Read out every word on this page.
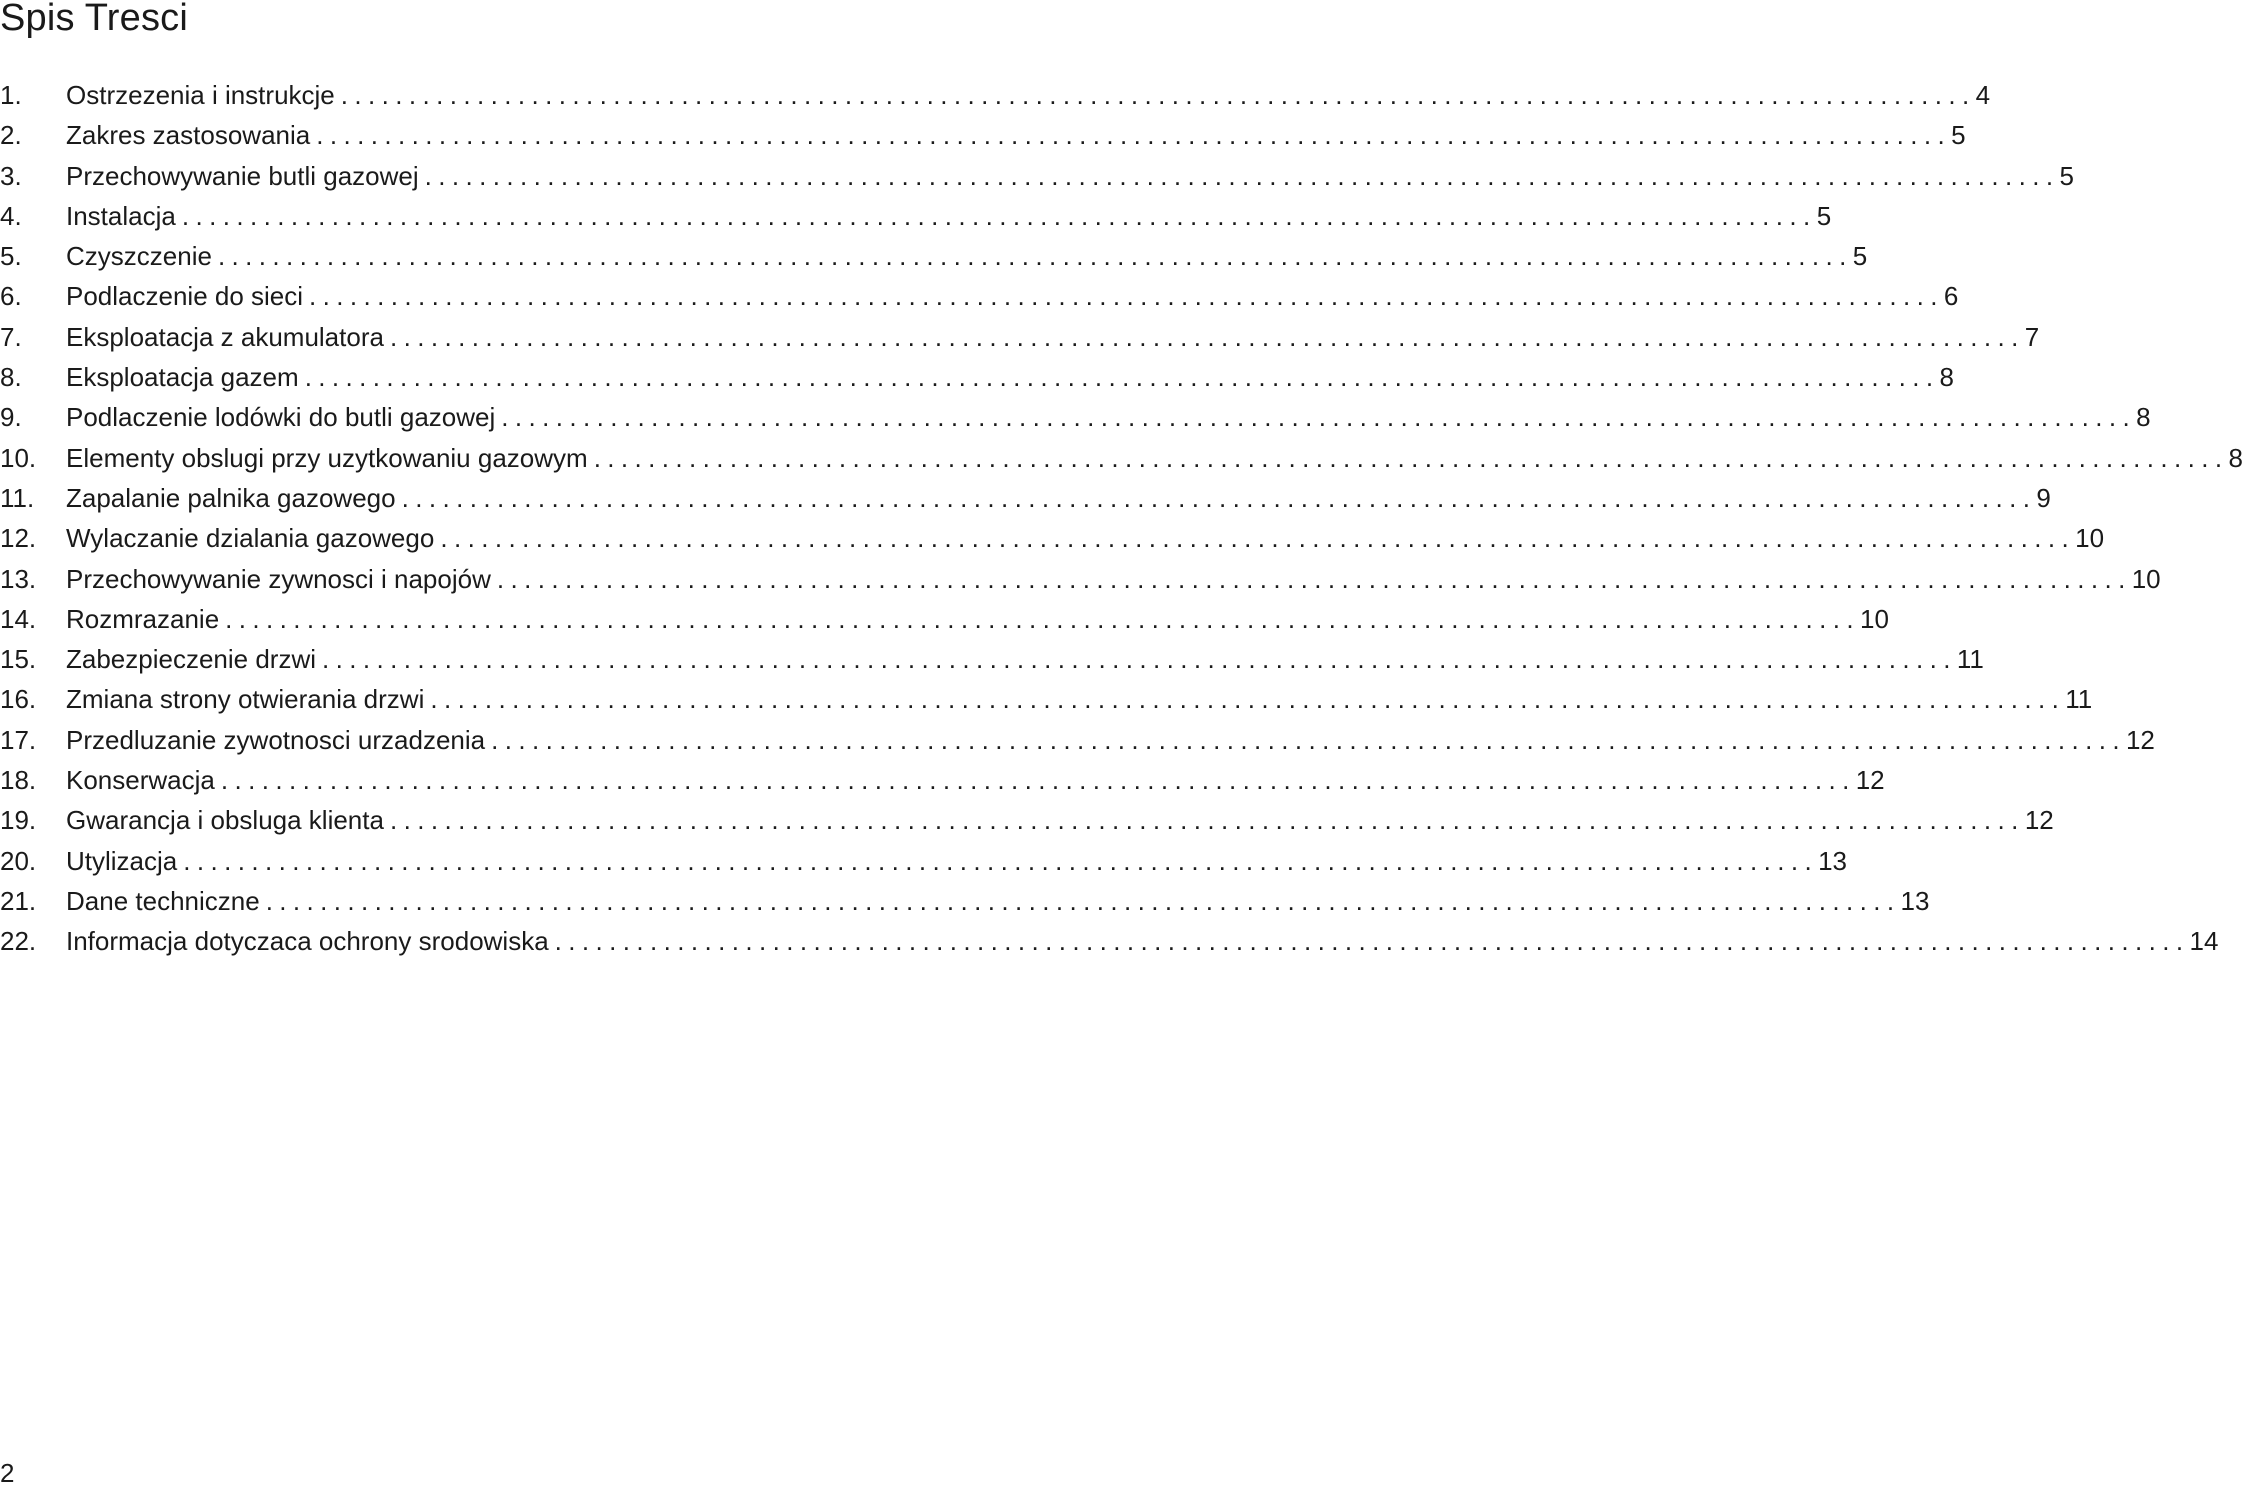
Spis Tresci
1. Ostrzezenia i instrukcje ........................................................................................................................ 4
2. Zakres zastosowania ........................................................................................................................ 5
3. Przechowywanie butli gazowej ........................................................................................................................ 5
4. Instalacja ........................................................................................................................ 5
5. Czyszczenie ........................................................................................................................ 5
6. Podlaczenie do sieci ........................................................................................................................ 6
7. Eksploatacja z akumulatora ........................................................................................................................ 7
8. Eksploatacja gazem ........................................................................................................................ 8
9. Podlaczenie lodówki do butli gazowej ........................................................................................................................ 8
10. Elementy obslugi przy uzytkowaniu gazowym ........................................................................................................................ 8
11. Zapalanie palnika gazowego ........................................................................................................................ 9
12. Wylaczanie dzialania gazowego ........................................................................................................................ 10
13. Przechowywanie zywnosci i napojów ........................................................................................................................ 10
14. Rozmrazanie ........................................................................................................................ 10
15. Zabezpieczenie drzwi ........................................................................................................................ 11
16. Zmiana strony otwierania drzwi ........................................................................................................................ 11
17. Przedluzanie zywotnosci urzadzenia ........................................................................................................................ 12
18. Konserwacja ........................................................................................................................ 12
19. Gwarancja i obsluga klienta ........................................................................................................................ 12
20. Utylizacja ........................................................................................................................ 13
21. Dane techniczne ........................................................................................................................ 13
22. Informacja dotyczaca ochrony srodowiska ........................................................................................................................ 14
2
